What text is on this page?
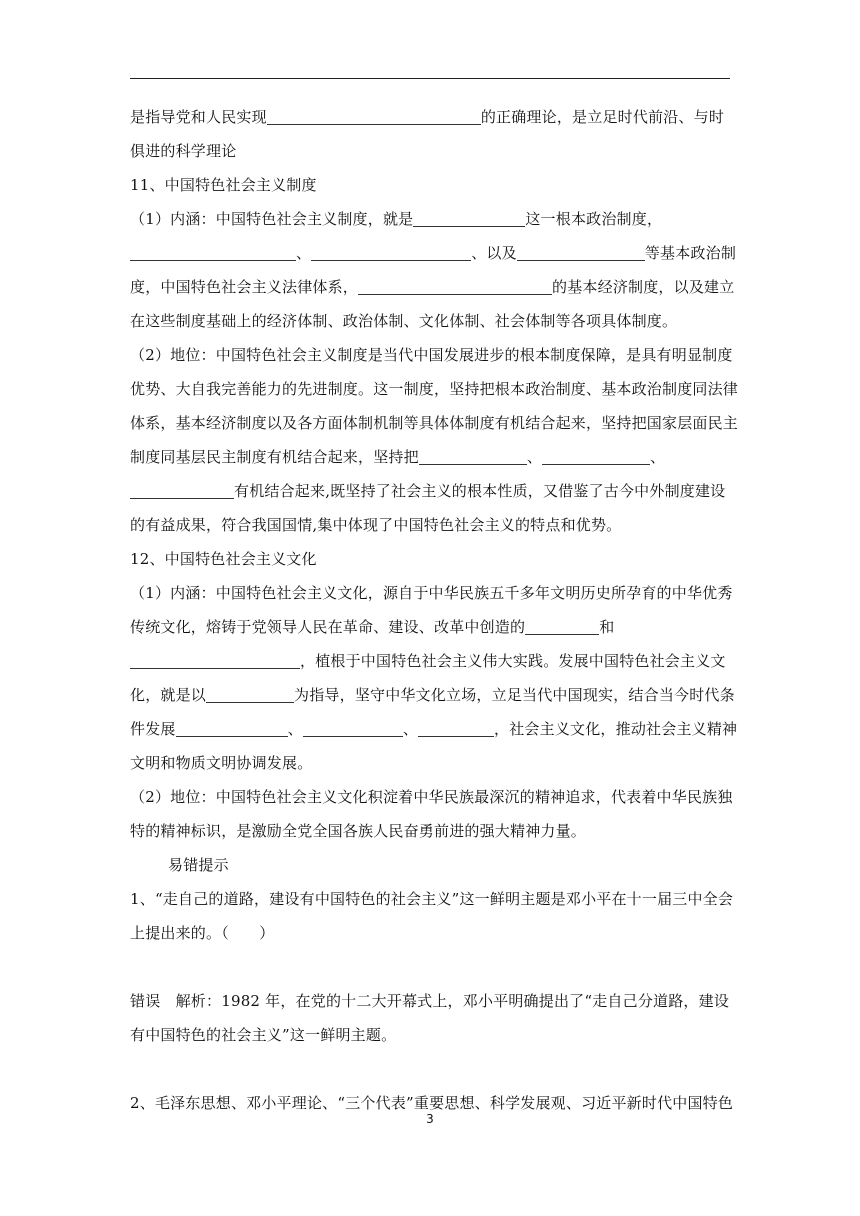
是指导党和人民实现	的正确理论，是立足时代前沿、与时
俱进的科学理论
11、中国特色社会主义制度
（1）内涵：中国特色社会主义制度，就是	这一根本政治制度，
、	、以及	等基本政治制
度，中国特色社会主义法律体系，	的基本经济制度，以及建立
在这些制度基础上的经济体制、政治体制、文化体制、社会体制等各项具体制度。
（2）地位：中国特色社会主义制度是当代中国发展进步的根本制度保障，是具有明显制度
优势、大自我完善能力的先进制度。这一制度，坚持把根本政治制度、基本政治制度同法律
体系，基本经济制度以及各方面体制机制等具体体制度有机结合起来，坚持把国家层面民主
制度同基层民主制度有机结合起来，坚持把	、	、
有机结合起来,既坚持了社会主义的根本性质，又借鉴了古今中外制度建设
的有益成果，符合我国国情,集中体现了中国特色社会主义的特点和优势。
12、中国特色社会主义文化
（1）内涵：中国特色社会主义文化，源自于中华民族五千多年文明历史所孕育的中华优秀
传统文化，熔铸于党领导人民在革命、建设、改革中创造的	和
，植根于中国特色社会主义伟大实践。发展中国特色社会主义文
化，就是以	为指导，坚守中华文化立场，立足当代中国现实，结合当今时代条
件发展	、	、	，社会主义文化，推动社会主义精神
文明和物质文明协调发展。
（2）地位：中国特色社会主义文化积淀着中华民族最深沉的精神追求，代表着中华民族独
特的精神标识，是激励全党全国各族人民奋勇前进的强大精神力量。
易错提示
1、“走自己的道路，建设有中国特色的社会主义”这一鲜明主题是邓小平在十一届三中全会
上提出来的。（　　）
错误　解析：1982 年，在党的十二大开幕式上，邓小平明确提出了“走自己分道路，建设
有中国特色的社会主义”这一鲜明主题。
2、毛泽东思想、邓小平理论、“三个代表”重要思想、科学发展观、习近平新时代中国特色
3
